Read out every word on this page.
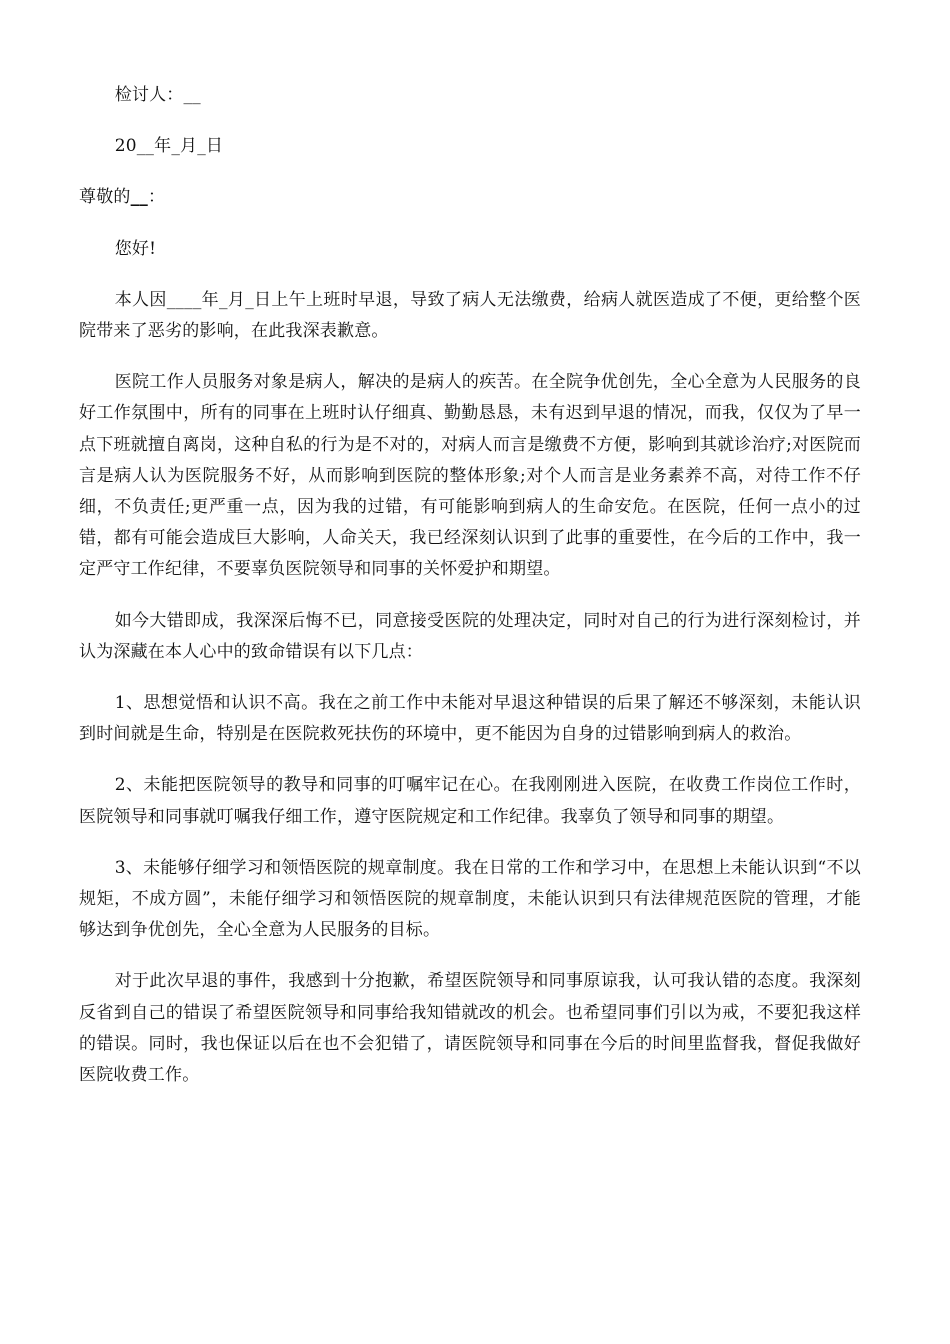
检讨人：__

20__年_月_日

尊敬的__：

您好!

本人因____年_月_日上午上班时早退，导致了病人无法缴费，给病人就医造成了不便，更给整个医院带来了恶劣的影响，在此我深表歉意。

医院工作人员服务对象是病人，解决的是病人的疾苦。在全院争优创先，全心全意为人民服务的良好工作氛围中，所有的同事在上班时认仔细真、勤勤恳恳，未有迟到早退的情况，而我，仅仅为了早一点下班就擅自离岗，这种自私的行为是不对的，对病人而言是缴费不方便，影响到其就诊治疗;对医院而言是病人认为医院服务不好，从而影响到医院的整体形象;对个人而言是业务素养不高，对待工作不仔细，不负责任;更严重一点，因为我的过错，有可能影响到病人的生命安危。在医院，任何一点小的过错，都有可能会造成巨大影响，人命关天，我已经深刻认识到了此事的重要性，在今后的工作中，我一定严守工作纪律，不要辜负医院领导和同事的关怀爱护和期望。

如今大错即成，我深深后悔不已，同意接受医院的处理决定，同时对自己的行为进行深刻检讨，并认为深藏在本人心中的致命错误有以下几点：

1、思想觉悟和认识不高。我在之前工作中未能对早退这种错误的后果了解还不够深刻，未能认识到时间就是生命，特别是在医院救死扶伤的环境中，更不能因为自身的过错影响到病人的救治。

2、未能把医院领导的教导和同事的叮嘱牢记在心。在我刚刚进入医院，在收费工作岗位工作时，医院领导和同事就叮嘱我仔细工作，遵守医院规定和工作纪律。我辜负了领导和同事的期望。

3、未能够仔细学习和领悟医院的规章制度。我在日常的工作和学习中，在思想上未能认识到“不以规矩，不成方圆”，未能仔细学习和领悟医院的规章制度，未能认识到只有法律规范医院的管理，才能够达到争优创先，全心全意为人民服务的目标。

对于此次早退的事件，我感到十分抱歉，希望医院领导和同事原谅我，认可我认错的态度。我深刻反省到自己的错误了希望医院领导和同事给我知错就改的机会。也希望同事们引以为戒，不要犯我这样的错误。同时，我也保证以后在也不会犯错了，请医院领导和同事在今后的时间里监督我，督促我做好医院收费工作。
